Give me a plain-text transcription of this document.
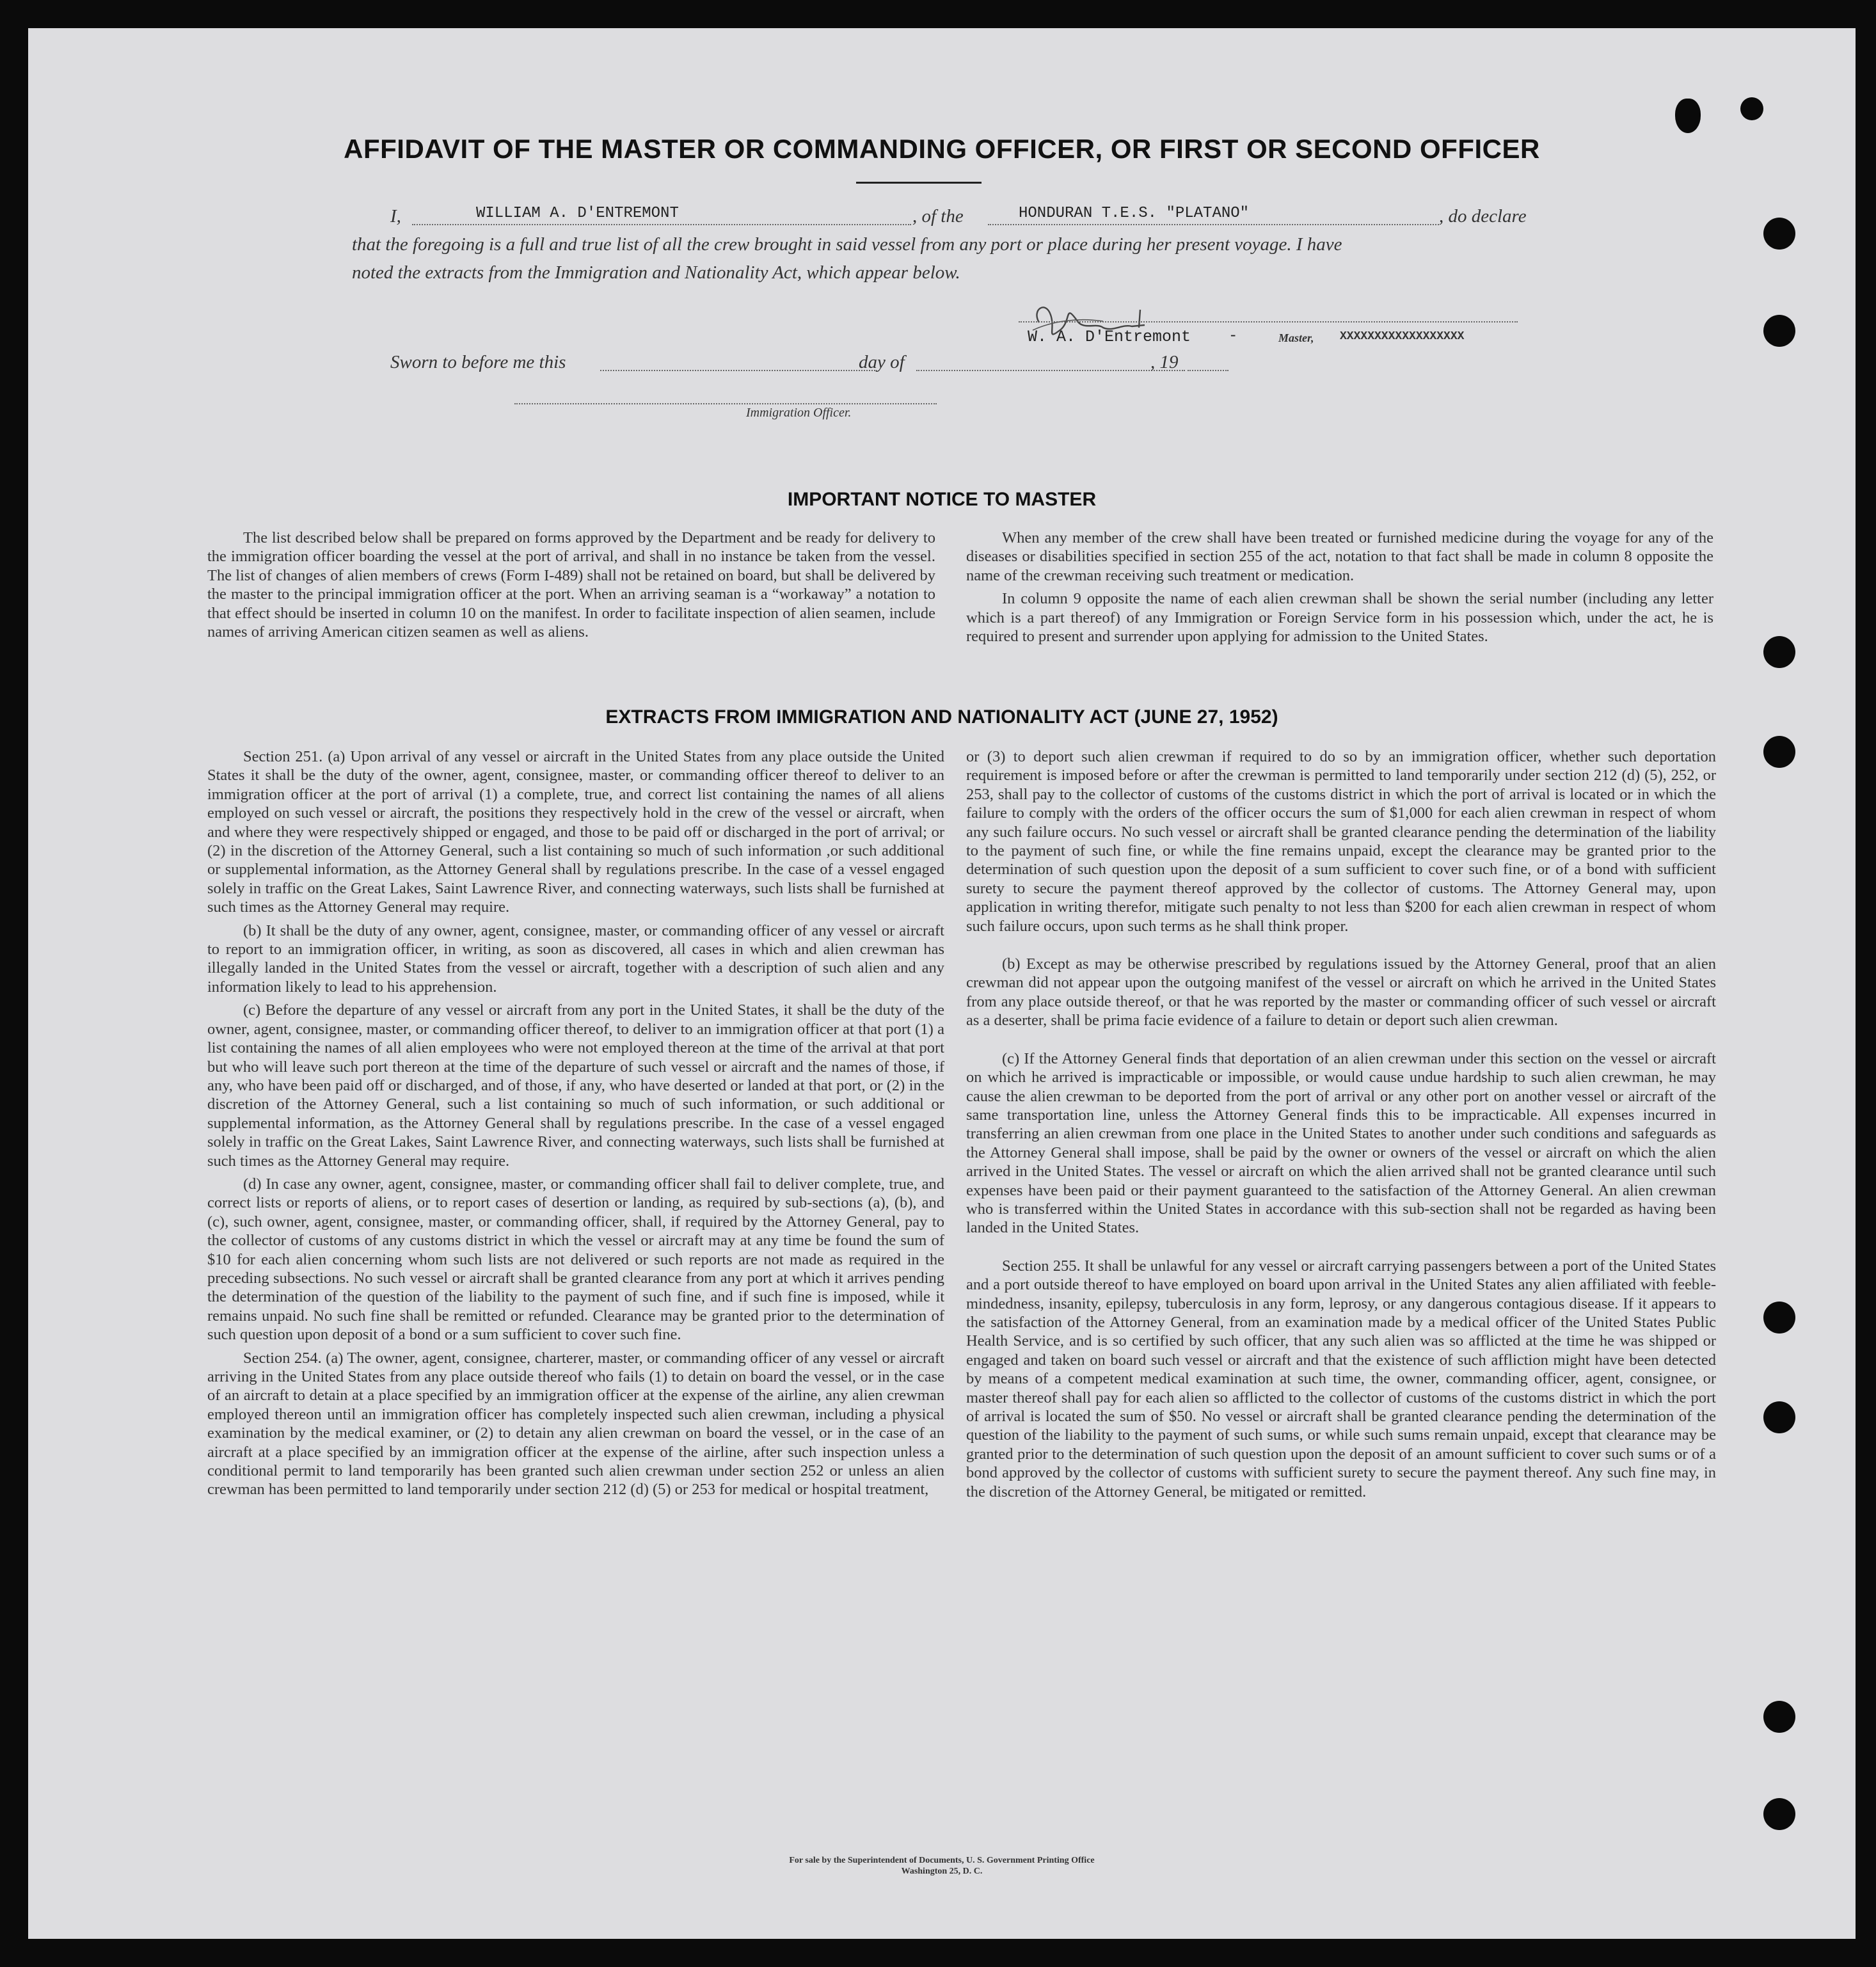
AFFIDAVIT OF THE MASTER OR COMMANDING OFFICER, OR FIRST OR SECOND OFFICER
I,	WILLIAM A. D'ENTREMONT	, of the	HONDURAN T.E.S. "PLATANO"	, do declare
that the foregoing is a full and true list of all the crew brought in said vessel from any port or place during her present voyage. I have
noted the extracts from the Immigration and Nationality Act, which appear below.
W. A. D'Entremont -	Master, XXXXXXXXXXXXXXXXXX
Sworn to before me this	day of	, 19
Immigration Officer.
IMPORTANT NOTICE TO MASTER

The list described below shall be prepared on forms approved by the Department and be ready for delivery to the immigration officer boarding the vessel at the port of arrival, and shall in no instance be taken from the vessel. The list of changes of alien members of crews (Form I-489) shall not be retained on board, but shall be delivered by the master to the principal immigration officer at the port. When an arriving seaman is a “workaway” a notation to that effect should be inserted in column 10 on the manifest. In order to facilitate inspection of alien seamen, include names of arriving American citizen seamen as well as aliens.

When any member of the crew shall have been treated or furnished medicine during the voyage for any of the diseases or disabilities specified in section 255 of the act, notation to that fact shall be made in column 8 opposite the name of the crewman receiving such treatment or medication.

In column 9 opposite the name of each alien crewman shall be shown the serial number (including any letter which is a part thereof) of any Immigration or Foreign Service form in his possession which, under the act, he is required to present and surrender upon applying for admission to the United States.

EXTRACTS FROM IMMIGRATION AND NATIONALITY ACT (JUNE 27, 1952)

Section 251. (a) Upon arrival of any vessel or aircraft in the United States from any place outside the United States it shall be the duty of the owner, agent, consignee, master, or commanding officer thereof to deliver to an immigration officer at the port of arrival (1) a complete, true, and correct list containing the names of all aliens employed on such vessel or aircraft, the positions they respectively hold in the crew of the vessel or aircraft, when and where they were respectively shipped or engaged, and those to be paid off or discharged in the port of arrival; or (2) in the discretion of the Attorney General, such a list containing so much of such information ,or such additional or supplemental information, as the Attorney General shall by regulations prescribe. In the case of a vessel engaged solely in traffic on the Great Lakes, Saint Lawrence River, and connecting waterways, such lists shall be furnished at such times as the Attorney General may require.

(b) It shall be the duty of any owner, agent, consignee, master, or commanding officer of any vessel or aircraft to report to an immigration officer, in writing, as soon as discovered, all cases in which and alien crewman has illegally landed in the United States from the vessel or aircraft, together with a description of such alien and any information likely to lead to his apprehension.

(c) Before the departure of any vessel or aircraft from any port in the United States, it shall be the duty of the owner, agent, consignee, master, or commanding officer thereof, to deliver to an immigration officer at that port (1) a list containing the names of all alien employees who were not employed thereon at the time of the arrival at that port but who will leave such port thereon at the time of the departure of such vessel or aircraft and the names of those, if any, who have been paid off or discharged, and of those, if any, who have deserted or landed at that port, or (2) in the discretion of the Attorney General, such a list containing so much of such information, or such additional or supplemental information, as the Attorney General shall by regulations prescribe. In the case of a vessel engaged solely in traffic on the Great Lakes, Saint Lawrence River, and connecting waterways, such lists shall be furnished at such times as the Attorney General may require.

(d) In case any owner, agent, consignee, master, or commanding officer shall fail to deliver complete, true, and correct lists or reports of aliens, or to report cases of desertion or landing, as required by sub-sections (a), (b), and (c), such owner, agent, consignee, master, or commanding officer, shall, if required by the Attorney General, pay to the collector of customs of any customs district in which the vessel or aircraft may at any time be found the sum of $10 for each alien concerning whom such lists are not delivered or such reports are not made as required in the preceding subsections. No such vessel or aircraft shall be granted clearance from any port at which it arrives pending the determination of the question of the liability to the payment of such fine, and if such fine is imposed, while it remains unpaid. No such fine shall be remitted or refunded. Clearance may be granted prior to the determination of such question upon deposit of a bond or a sum sufficient to cover such fine.

Section 254. (a) The owner, agent, consignee, charterer, master, or commanding officer of any vessel or aircraft arriving in the United States from any place outside thereof who fails (1) to detain on board the vessel, or in the case of an aircraft to detain at a place specified by an immigration officer at the expense of the airline, any alien crewman employed thereon until an immigration officer has completely inspected such alien crewman, including a physical examination by the medical examiner, or (2) to detain any alien crewman on board the vessel, or in the case of an aircraft at a place specified by an immigration officer at the expense of the airline, after such inspection unless a conditional permit to land temporarily has been granted such alien crewman under section 252 or unless an alien crewman has been permitted to land temporarily under section 212 (d) (5) or 253 for medical or hospital treatment,

or (3) to deport such alien crewman if required to do so by an immigration officer, whether such deportation requirement is imposed before or after the crewman is permitted to land temporarily under section 212 (d) (5), 252, or 253, shall pay to the collector of customs of the customs district in which the port of arrival is located or in which the failure to comply with the orders of the officer occurs the sum of $1,000 for each alien crewman in respect of whom any such failure occurs. No such vessel or aircraft shall be granted clearance pending the determination of the liability to the payment of such fine, or while the fine remains unpaid, except the clearance may be granted prior to the determination of such question upon the deposit of a sum sufficient to cover such fine, or of a bond with sufficient surety to secure the payment thereof approved by the collector of customs. The Attorney General may, upon application in writing therefor, mitigate such penalty to not less than $200 for each alien crewman in respect of whom such failure occurs, upon such terms as he shall think proper.

(b) Except as may be otherwise prescribed by regulations issued by the Attorney General, proof that an alien crewman did not appear upon the outgoing manifest of the vessel or aircraft on which he arrived in the United States from any place outside thereof, or that he was reported by the master or commanding officer of such vessel or aircraft as a deserter, shall be prima facie evidence of a failure to detain or deport such alien crewman.

(c) If the Attorney General finds that deportation of an alien crewman under this section on the vessel or aircraft on which he arrived is impracticable or impossible, or would cause undue hardship to such alien crewman, he may cause the alien crewman to be deported from the port of arrival or any other port on another vessel or aircraft of the same transportation line, unless the Attorney General finds this to be impracticable. All expenses incurred in transferring an alien crewman from one place in the United States to another under such conditions and safeguards as the Attorney General shall impose, shall be paid by the owner or owners of the vessel or aircraft on which the alien arrived in the United States. The vessel or aircraft on which the alien arrived shall not be granted clearance until such expenses have been paid or their payment guaranteed to the satisfaction of the Attorney General. An alien crewman who is transferred within the United States in accordance with this sub-section shall not be regarded as having been landed in the United States.

Section 255. It shall be unlawful for any vessel or aircraft carrying passengers between a port of the United States and a port outside thereof to have employed on board upon arrival in the United States any alien affiliated with feeble-mindedness, insanity, epilepsy, tuberculosis in any form, leprosy, or any dangerous contagious disease. If it appears to the satisfaction of the Attorney General, from an examination made by a medical officer of the United States Public Health Service, and is so certified by such officer, that any such alien was so afflicted at the time he was shipped or engaged and taken on board such vessel or aircraft and that the existence of such affliction might have been detected by means of a competent medical examination at such time, the owner, commanding officer, agent, consignee, or master thereof shall pay for each alien so afflicted to the collector of customs of the customs district in which the port of arrival is located the sum of $50. No vessel or aircraft shall be granted clearance pending the determination of the question of the liability to the payment of such sums, or while such sums remain unpaid, except that clearance may be granted prior to the determination of such question upon the deposit of an amount sufficient to cover such sums or of a bond approved by the collector of customs with sufficient surety to secure the payment thereof. Any such fine may, in the discretion of the Attorney General, be mitigated or remitted.

For sale by the Superintendent of Documents, U. S. Government Printing Office
Washington 25, D. C.
